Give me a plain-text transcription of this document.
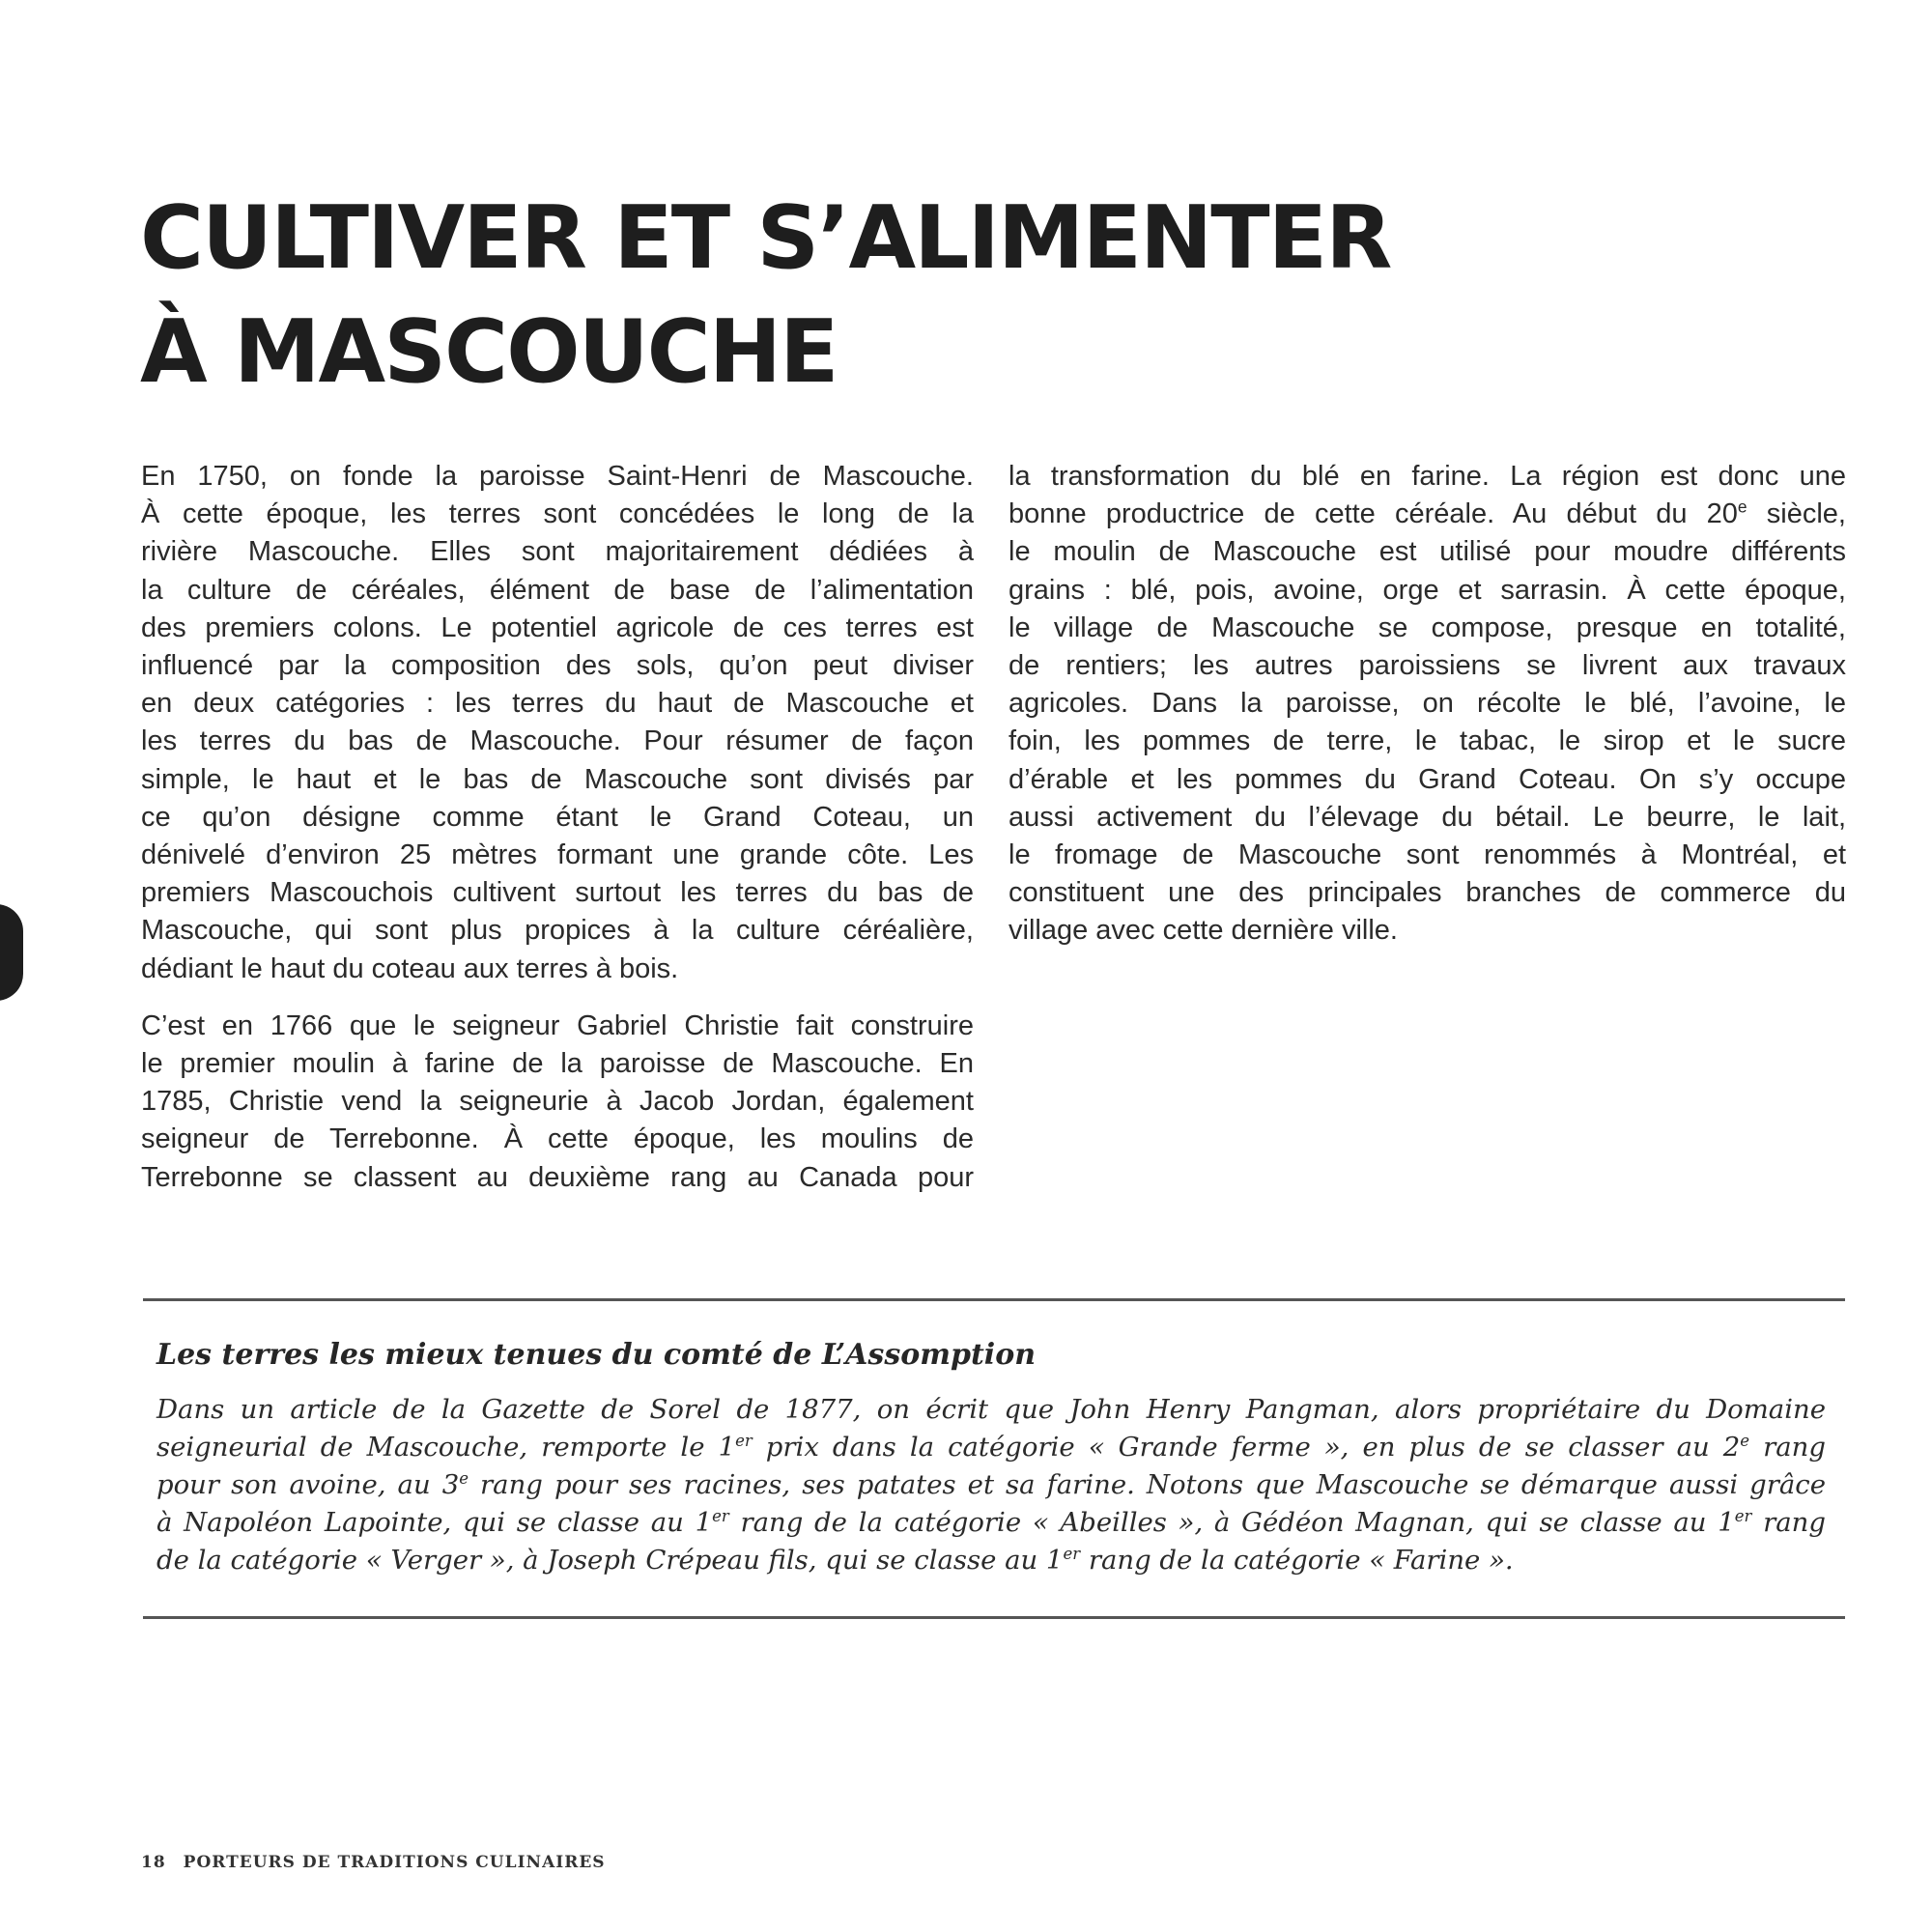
CULTIVER ET S’ALIMENTER
À MASCOUCHE
En 1750, on fonde la paroisse Saint-Henri de Mascouche.
À cette époque, les terres sont concédées le long de la
rivière Mascouche. Elles sont majoritairement dédiées à
la culture de céréales, élément de base de l’alimentation
des premiers colons. Le potentiel agricole de ces terres est
influencé par la composition des sols, qu’on peut diviser
en deux catégories : les terres du haut de Mascouche et
les terres du bas de Mascouche. Pour résumer de façon
simple, le haut et le bas de Mascouche sont divisés par
ce qu’on désigne comme étant le Grand Coteau, un
dénivelé d’environ 25 mètres formant une grande côte. Les
premiers Mascouchois cultivent surtout les terres du bas de
Mascouche, qui sont plus propices à la culture céréalière,
dédiant le haut du coteau aux terres à bois.
C’est en 1766 que le seigneur Gabriel Christie fait construire
le premier moulin à farine de la paroisse de Mascouche. En
1785, Christie vend la seigneurie à Jacob Jordan, également
seigneur de Terrebonne. À cette époque, les moulins de
Terrebonne se classent au deuxième rang au Canada pour
la transformation du blé en farine. La région est donc une
bonne productrice de cette céréale. Au début du 20e siècle,
le moulin de Mascouche est utilisé pour moudre différents
grains : blé, pois, avoine, orge et sarrasin. À cette époque,
le village de Mascouche se compose, presque en totalité,
de rentiers; les autres paroissiens se livrent aux travaux
agricoles. Dans la paroisse, on récolte le blé, l’avoine, le
foin, les pommes de terre, le tabac, le sirop et le sucre
d’érable et les pommes du Grand Coteau. On s’y occupe
aussi activement du l’élevage du bétail. Le beurre, le lait,
le fromage de Mascouche sont renommés à Montréal, et
constituent une des principales branches de commerce du
village avec cette dernière ville.
Les terres les mieux tenues du comté de L’Assomption
Dans un article de la Gazette de Sorel de 1877, on écrit que John Henry Pangman, alors propriétaire du Domaine
seigneurial de Mascouche, remporte le 1er prix dans la catégorie « Grande ferme », en plus de se classer au 2e rang
pour son avoine, au 3e rang pour ses racines, ses patates et sa farine. Notons que Mascouche se démarque aussi grâce
à Napoléon Lapointe, qui se classe au 1er rang de la catégorie « Abeilles », à Gédéon Magnan, qui se classe au 1er rang
de la catégorie « Verger », à Joseph Crépeau fils, qui se classe au 1er rang de la catégorie « Farine ».
18 PORTEURS DE TRADITIONS CULINAIRES
